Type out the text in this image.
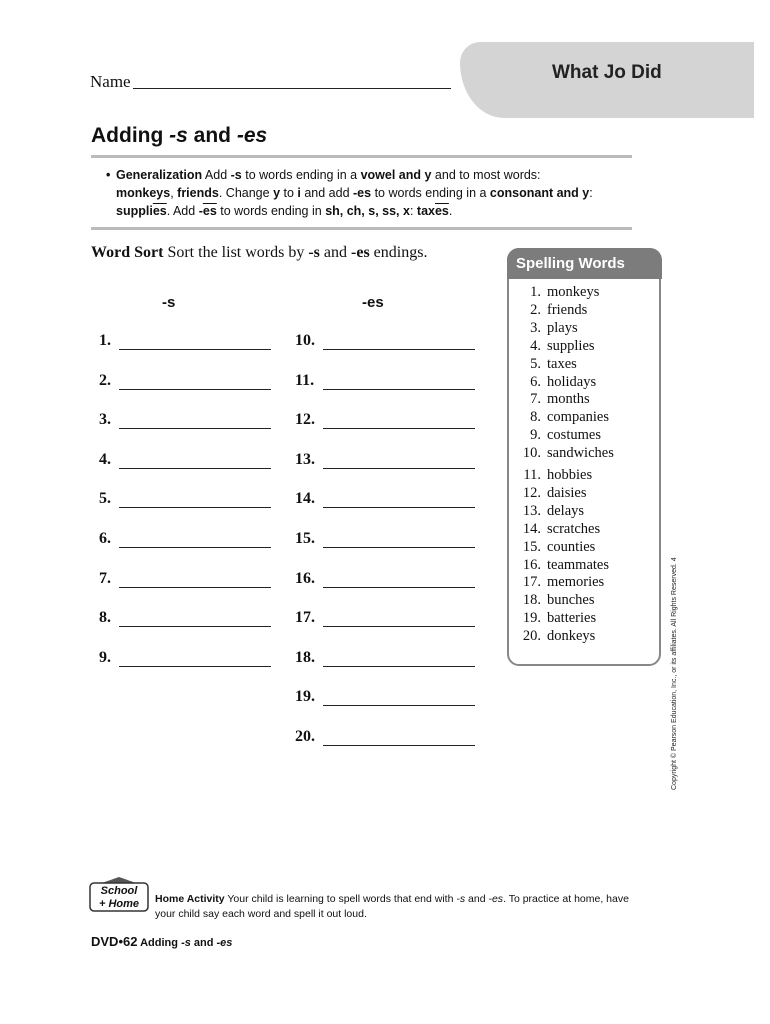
What Jo Did
Name
Adding -s and -es
• Generalization Add -s to words ending in a vowel and y and to most words:
monkeys, friends. Change y to i and add -es to words ending in a consonant and y:
$suppli\overline{es}$. Add $-\overline{es}$ to words ending in sh, ch, s, ss, x: $tax\overline{es}$.
Word Sort Sort the list words by -s and -es endings.
-s	-es
1.
2.
3.
4.
5.
6.
7.
8.
9.
10.
11.
12.
13.
14.
15.
16.
17.
18.
19.
20.
Spelling Words
1. monkeys
2. friends
3. plays
4. supplies
5. taxes
6. holidays
7. months
8. companies
9. costumes
10. sandwiches
11. hobbies
12. daisies
13. delays
14. scratches
15. counties
16. teammates
17. memories
18. bunches
19. batteries
20. donkeys	Copyright © Pearson Education, Inc., or its affiliates. All Rights Reserved. 4
School
+ Home Home Activity Your child is learning to spell words that end with -s and -es. To practice at home, have your child say each word and spell it out loud.
DVD•62 Adding -s and -es
